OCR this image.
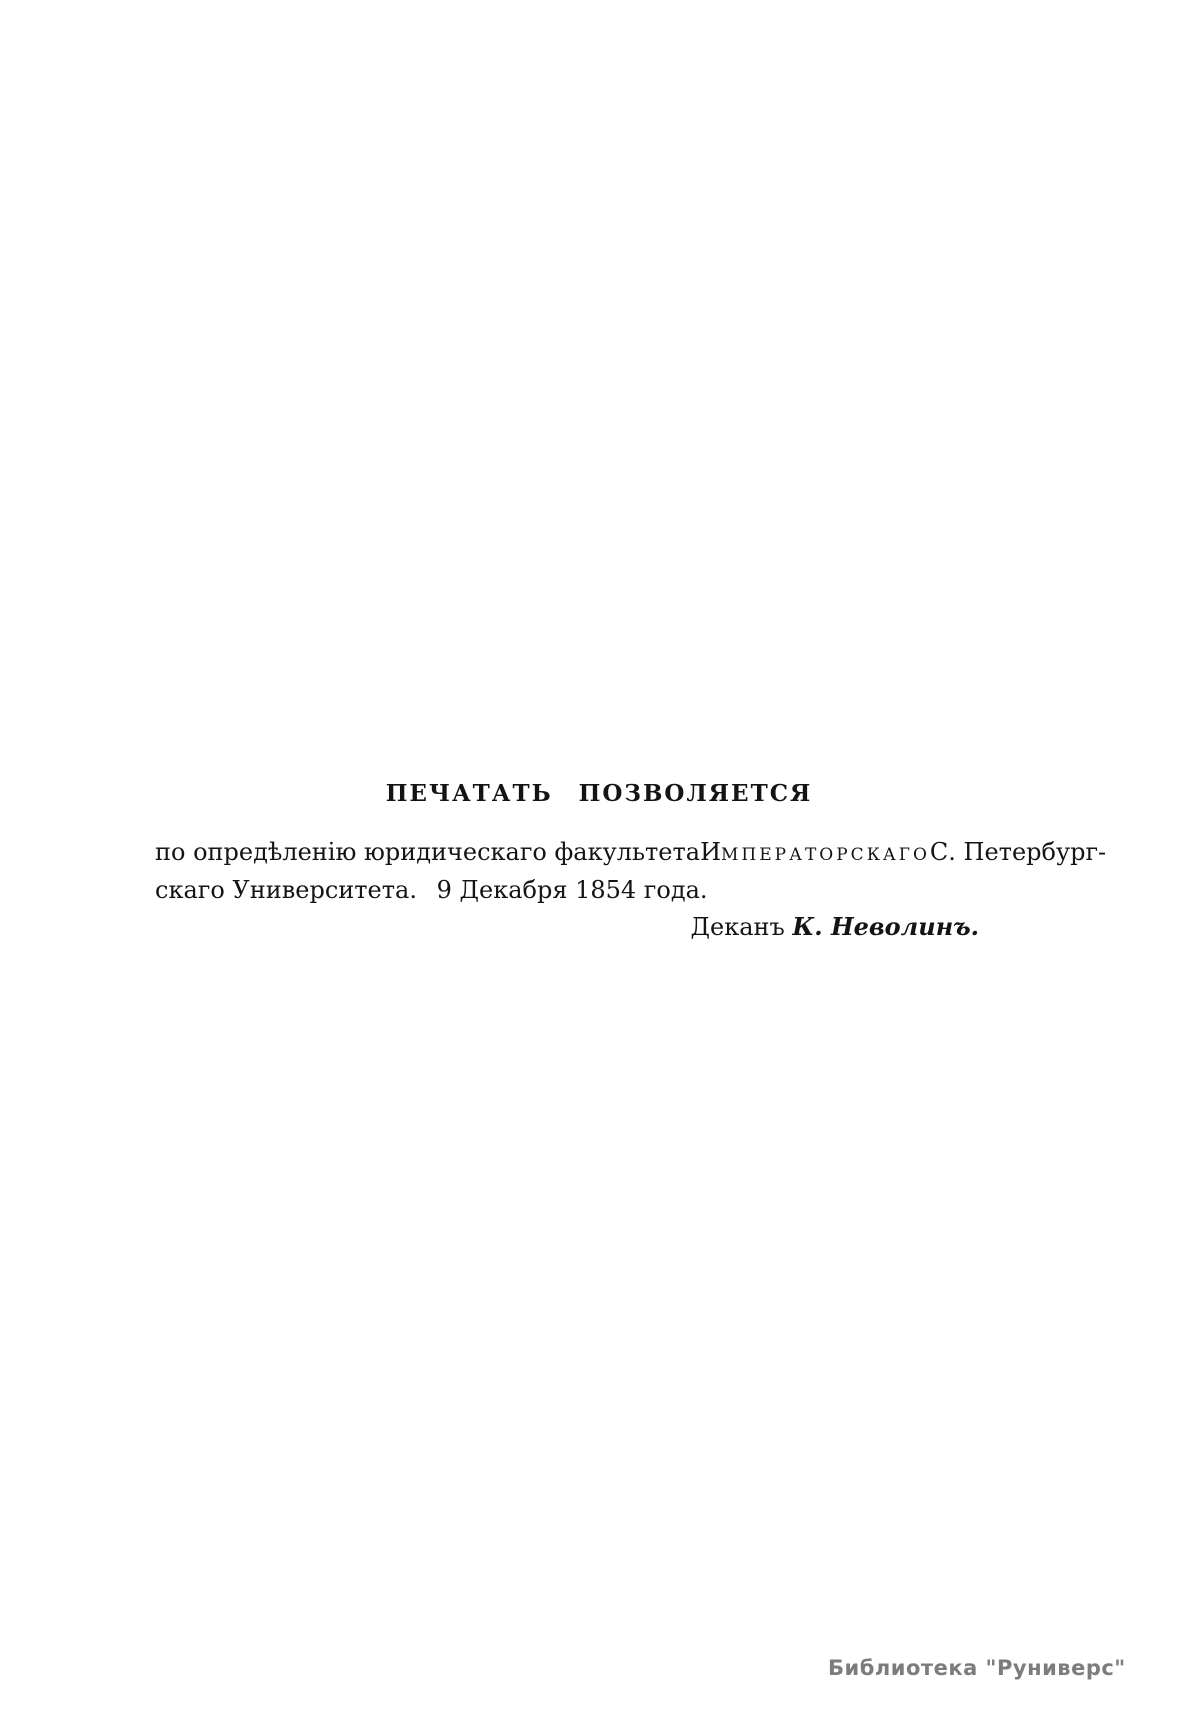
ПЕЧАТАТЬ ПОЗВОЛЯЕТСЯ
по опредѣленію юридическаго факультета ИМПЕРАТОРСКАГО С. Петербург-
скаго Университета.  9 Декабря 1854 года.
Деканъ К. Неволинъ.
Библиотека "Руниверс"
